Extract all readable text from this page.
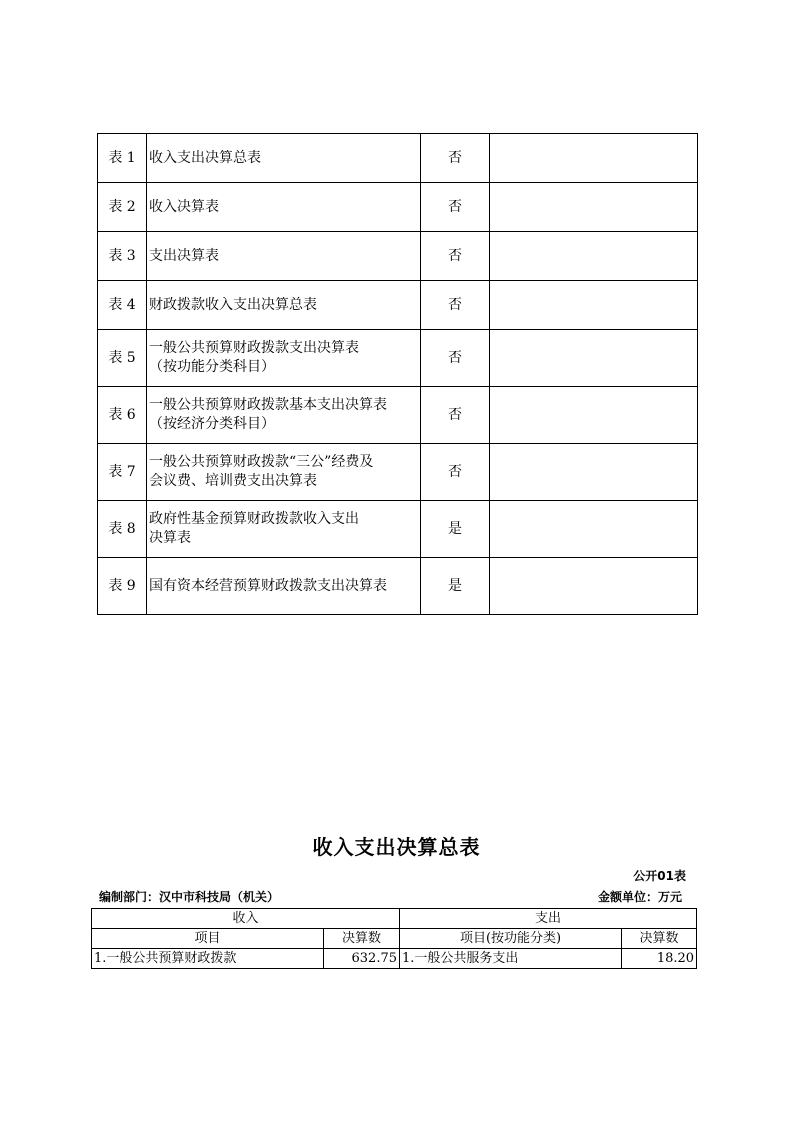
表 1	收入支出决算总表	否	
表 2	收入决算表	否	
表 3	支出决算表	否	
表 4	财政拨款收入支出决算总表	否	
表 5	一般公共预算财政拨款支出决算表
（按功能分类科目）	否	
表 6	一般公共预算财政拨款基本支出决算表
（按经济分类科目）	否	
表 7	一般公共预算财政拨款“三公”经费及
会议费、培训费支出决算表	否	
表 8	政府性基金预算财政拨款收入支出
决算表	是	
表 9	国有资本经营预算财政拨款支出决算表	是	
收入支出决算总表
公开01表
编制部门：汉中市科技局（机关）	金额单位：万元
收入		支出	
项目	决算数	项目(按功能分类)	决算数
1.一般公共预算财政拨款	632.75	1.一般公共服务支出	18.20
